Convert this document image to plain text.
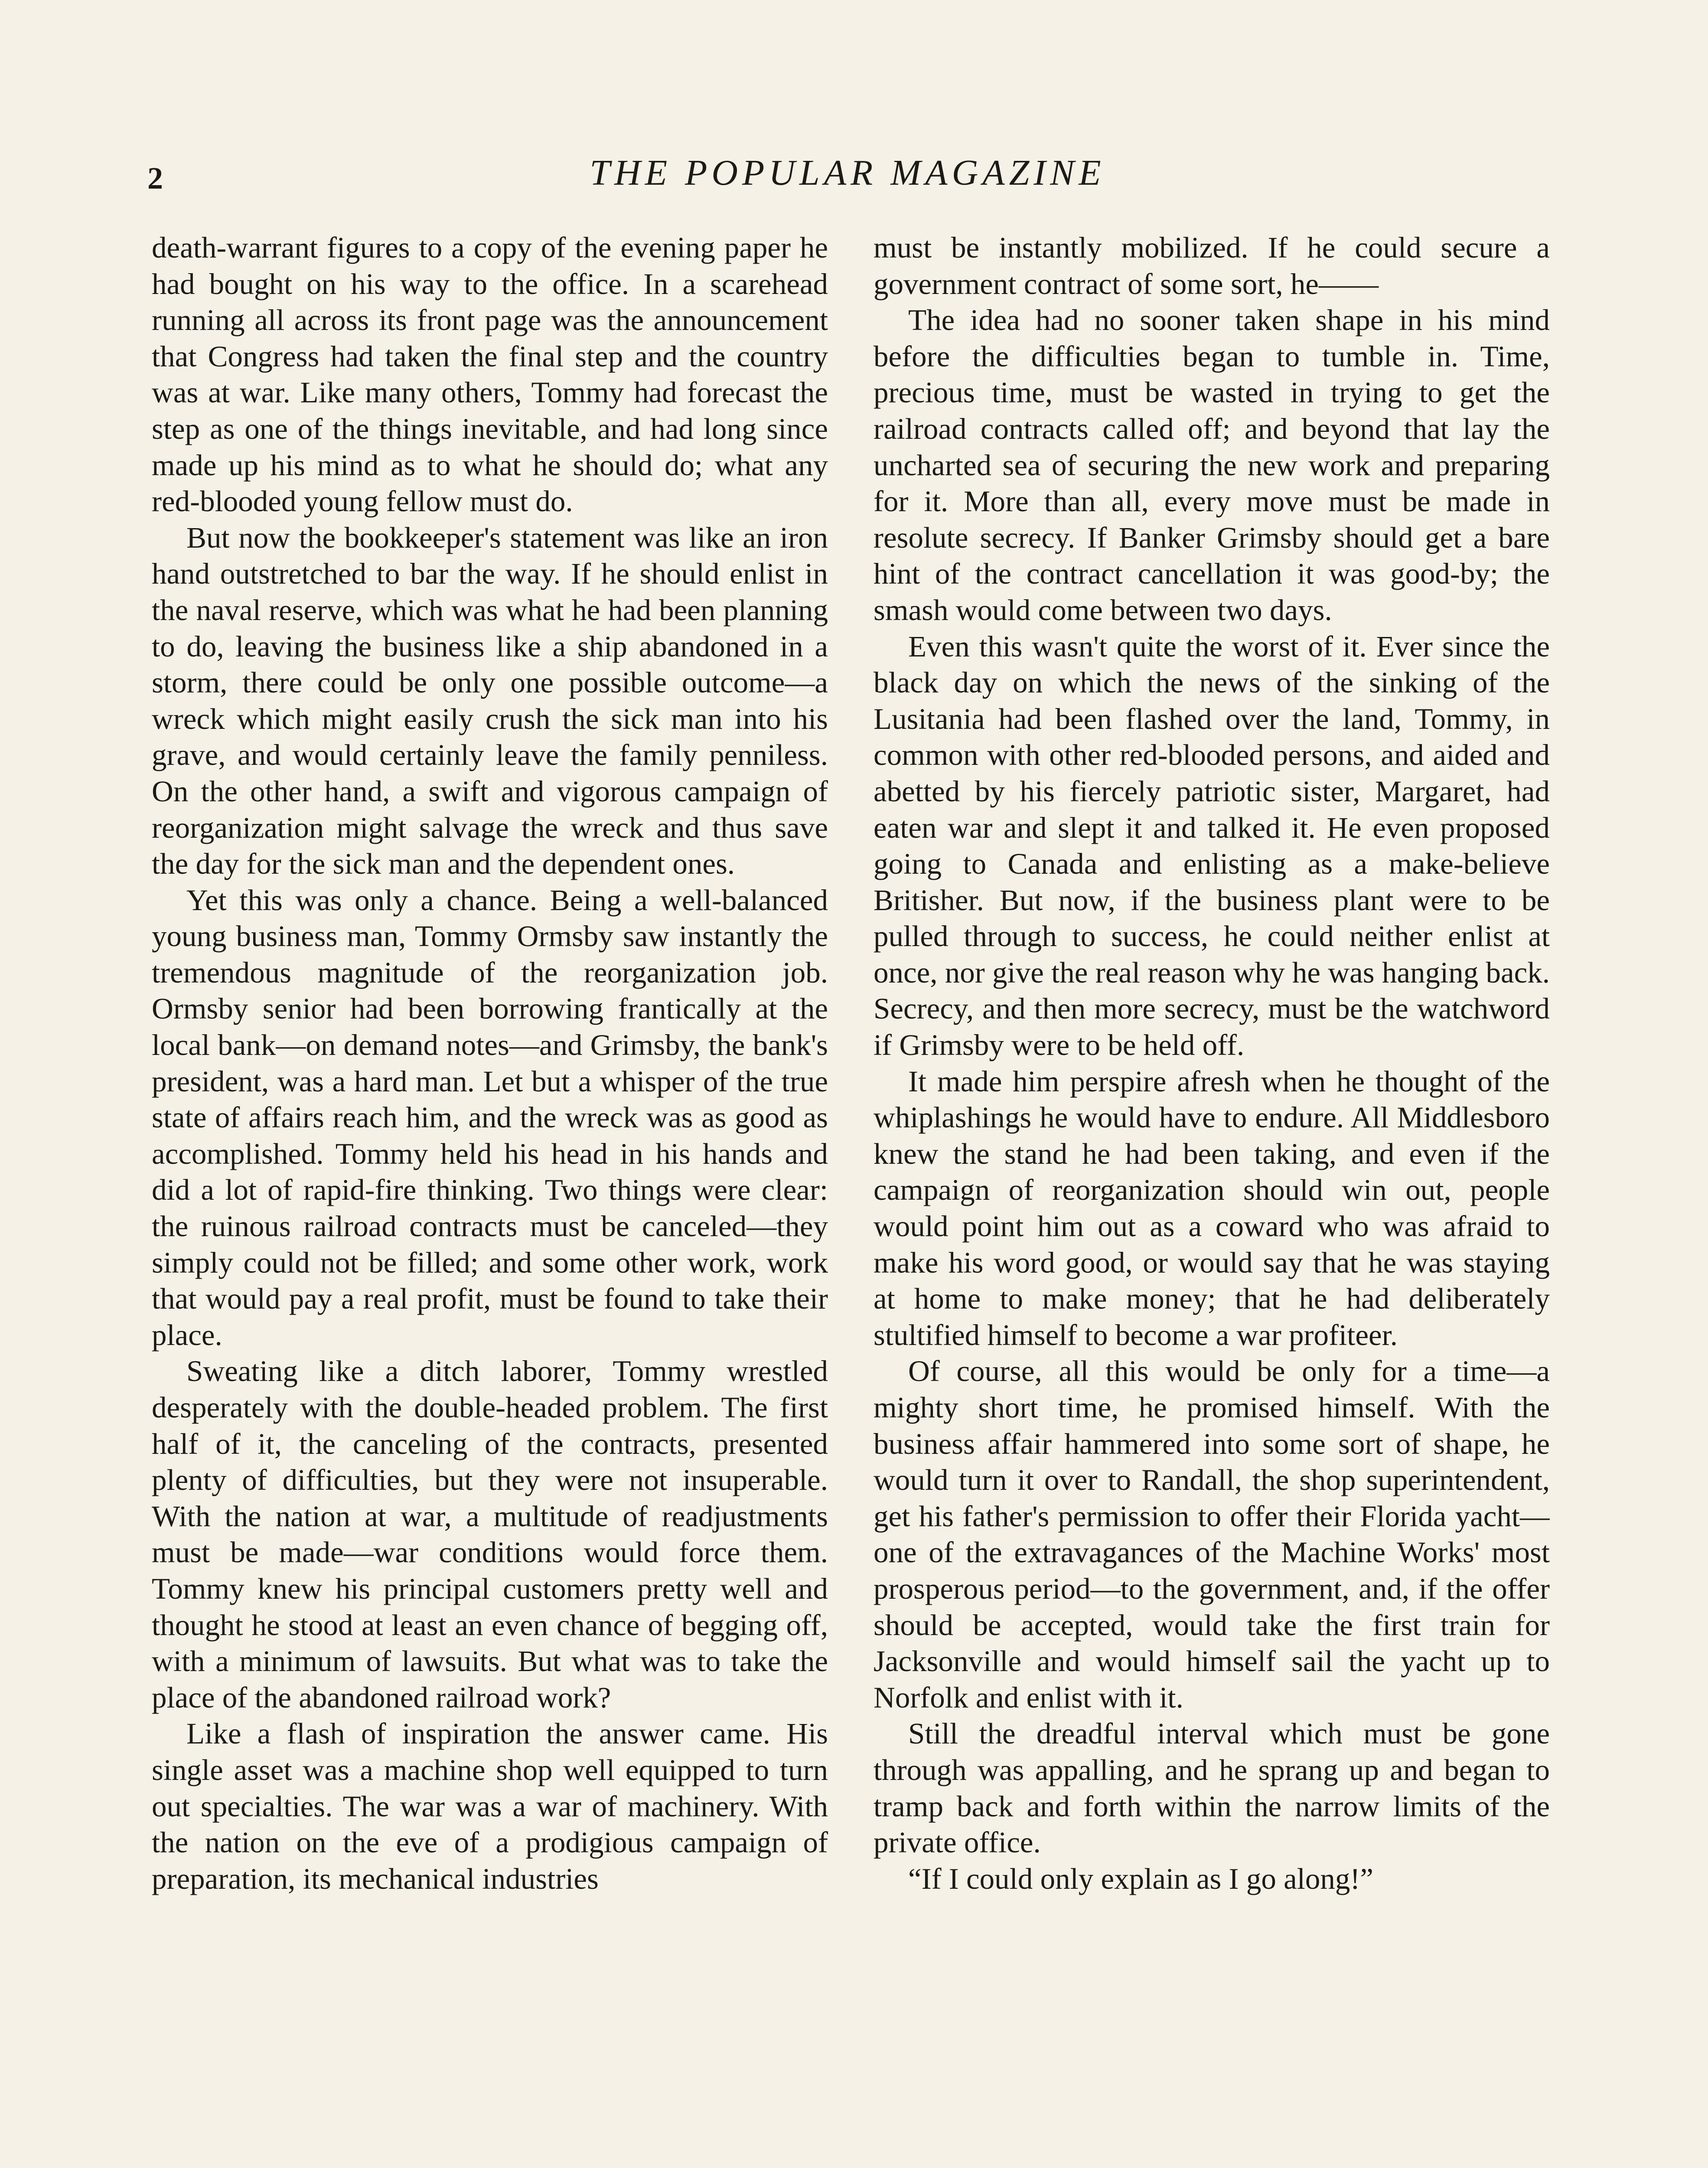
2	THE POPULAR MAGAZINE

death-warrant figures to a copy of the evening paper he had bought on his way to the office. In a scarehead running all across its front page was the announcement that Congress had taken the final step and the country was at war. Like many others, Tommy had forecast the step as one of the things inevitable, and had long since made up his mind as to what he should do; what any red-blooded young fellow must do.

But now the bookkeeper's statement was like an iron hand outstretched to bar the way. If he should enlist in the naval reserve, which was what he had been planning to do, leaving the business like a ship abandoned in a storm, there could be only one possible outcome—a wreck which might easily crush the sick man into his grave, and would certainly leave the family penniless. On the other hand, a swift and vigorous campaign of reorganization might salvage the wreck and thus save the day for the sick man and the dependent ones.

Yet this was only a chance. Being a well-balanced young business man, Tommy Ormsby saw instantly the tremendous magnitude of the reorganization job. Ormsby senior had been borrowing frantically at the local bank—on demand notes—and Grimsby, the bank's president, was a hard man. Let but a whisper of the true state of affairs reach him, and the wreck was as good as accomplished. Tommy held his head in his hands and did a lot of rapid-fire thinking. Two things were clear: the ruinous railroad contracts must be canceled—they simply could not be filled; and some other work, work that would pay a real profit, must be found to take their place.

Sweating like a ditch laborer, Tommy wrestled desperately with the double-headed problem. The first half of it, the canceling of the contracts, presented plenty of difficulties, but they were not insuperable. With the nation at war, a multitude of readjustments must be made—war conditions would force them. Tommy knew his principal customers pretty well and thought he stood at least an even chance of begging off, with a minimum of lawsuits. But what was to take the place of the abandoned railroad work?

Like a flash of inspiration the answer came. His single asset was a machine shop well equipped to turn out specialties. The war was a war of machinery. With the nation on the eve of a prodigious campaign of preparation, its mechanical industries

must be instantly mobilized. If he could secure a government contract of some sort, he——

The idea had no sooner taken shape in his mind before the difficulties began to tumble in. Time, precious time, must be wasted in trying to get the railroad contracts called off; and beyond that lay the uncharted sea of securing the new work and preparing for it. More than all, every move must be made in resolute secrecy. If Banker Grimsby should get a bare hint of the contract cancellation it was good-by; the smash would come between two days.

Even this wasn't quite the worst of it. Ever since the black day on which the news of the sinking of the Lusitania had been flashed over the land, Tommy, in common with other red-blooded persons, and aided and abetted by his fiercely patriotic sister, Margaret, had eaten war and slept it and talked it. He even proposed going to Canada and enlisting as a make-believe Britisher. But now, if the business plant were to be pulled through to success, he could neither enlist at once, nor give the real reason why he was hanging back. Secrecy, and then more secrecy, must be the watchword if Grimsby were to be held off.

It made him perspire afresh when he thought of the whiplashings he would have to endure. All Middlesboro knew the stand he had been taking, and even if the campaign of reorganization should win out, people would point him out as a coward who was afraid to make his word good, or would say that he was staying at home to make money; that he had deliberately stultified himself to become a war profiteer.

Of course, all this would be only for a time—a mighty short time, he promised himself. With the business affair hammered into some sort of shape, he would turn it over to Randall, the shop superintendent, get his father's permission to offer their Florida yacht—one of the extravagances of the Machine Works' most prosperous period—to the government, and, if the offer should be accepted, would take the first train for Jacksonville and would himself sail the yacht up to Norfolk and enlist with it.

Still the dreadful interval which must be gone through was appalling, and he sprang up and began to tramp back and forth within the narrow limits of the private office.

“If I could only explain as I go along!”
